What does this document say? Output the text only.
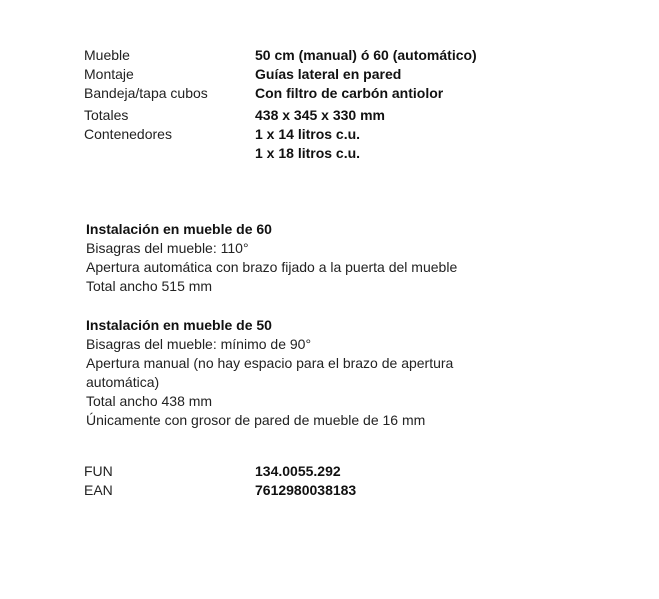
Mueble	50 cm (manual) ó 60 (automático)
Montaje	Guías lateral en pared
Bandeja/tapa cubos	Con filtro de carbón antiolor
Totales	438 x 345 x 330 mm
Contenedores	1 x 14 litros c.u.
1 x 18 litros c.u.
Instalación en mueble de 60

Bisagras del mueble: 110°

Apertura automática con brazo fijado a la puerta del mueble

Total ancho 515 mm

Instalación en mueble de 50

Bisagras del mueble: mínimo de 90°

Apertura manual (no hay espacio para el brazo de apertura automática)

Total ancho 438 mm

Únicamente con grosor de pared de mueble de 16 mm

FUN	134.0055.292
EAN	7612980038183
